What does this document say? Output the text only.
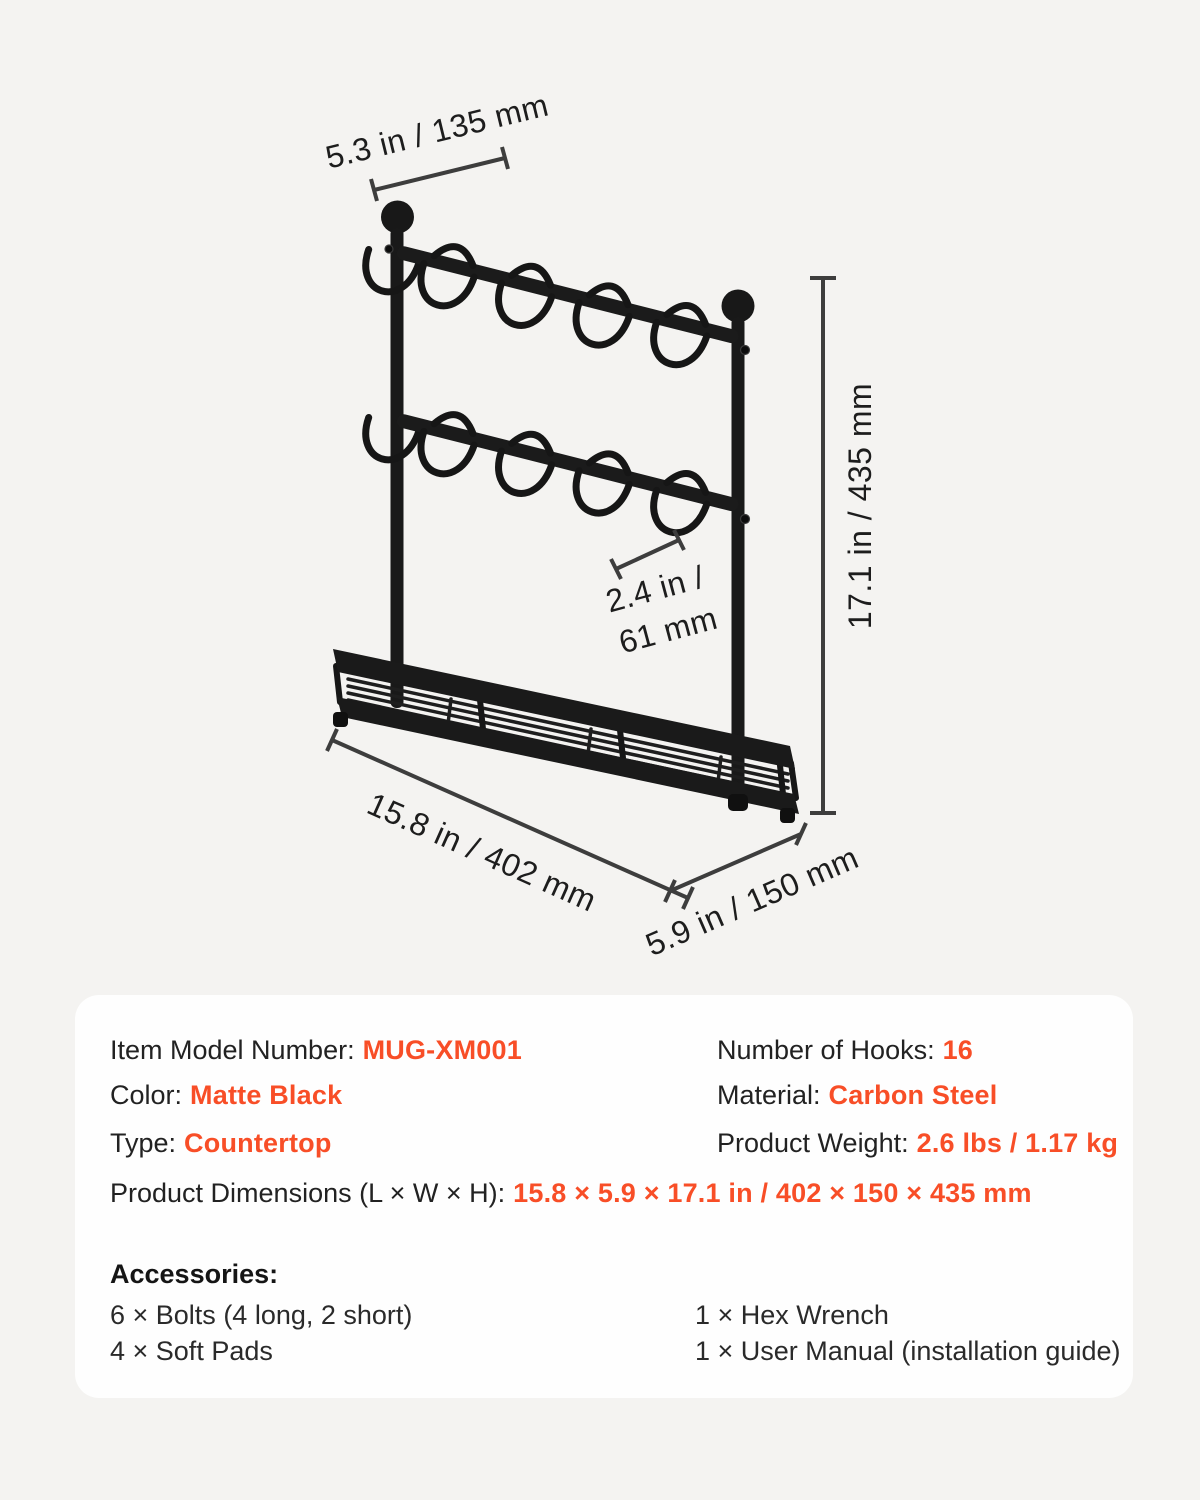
5.3 in / 135 mm
17.1 in / 435 mm
2.4 in /
61 mm
15.8 in / 402 mm 5.9 in / 150 mm
Item Model Number: MUG-XM001	Number of Hooks: 16
Color: Matte Black	Material: Carbon Steel
Type: Countertop	Product Weight: 2.6 lbs / 1.17 kg
Product Dimensions (L × W × H): 15.8 × 5.9 × 17.1 in / 402 × 150 × 435 mm
Accessories:
6 × Bolts (4 long, 2 short)
4 × Soft Pads
1 × Hex Wrench
1 × User Manual (installation guide)
